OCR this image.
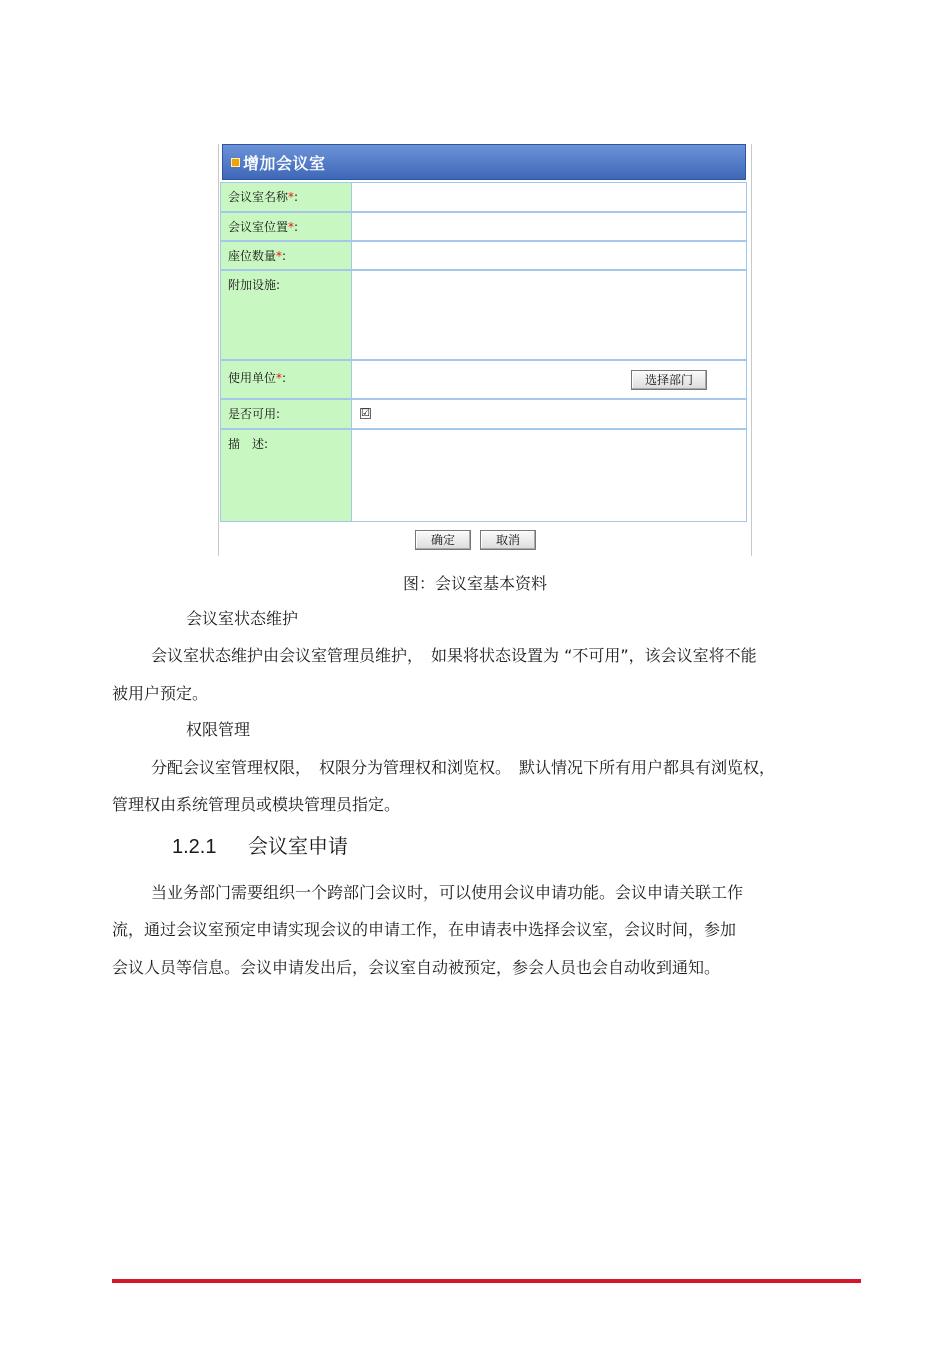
增加会议室
会议室名称*:
会议室位置*:
座位数量*:
附加设施:
使用单位*:	选择部门
是否可用:	☑
描　述:
确定	取消
图：会议室基本资料
会议室状态维护
会议室状态维护由会议室管理员维护，　如果将状态设置为 “不可用”，该会议室将不能
被用户预定。
权限管理
分配会议室管理权限，　权限分为管理权和浏览权。　默认情况下所有用户都具有浏览权，
管理权由系统管理员或模块管理员指定。
1.2.1 会议室申请
当业务部门需要组织一个跨部门会议时，可以使用会议申请功能。会议申请关联工作
流，通过会议室预定申请实现会议的申请工作，在申请表中选择会议室，会议时间，参加
会议人员等信息。会议申请发出后，会议室自动被预定，参会人员也会自动收到通知。
